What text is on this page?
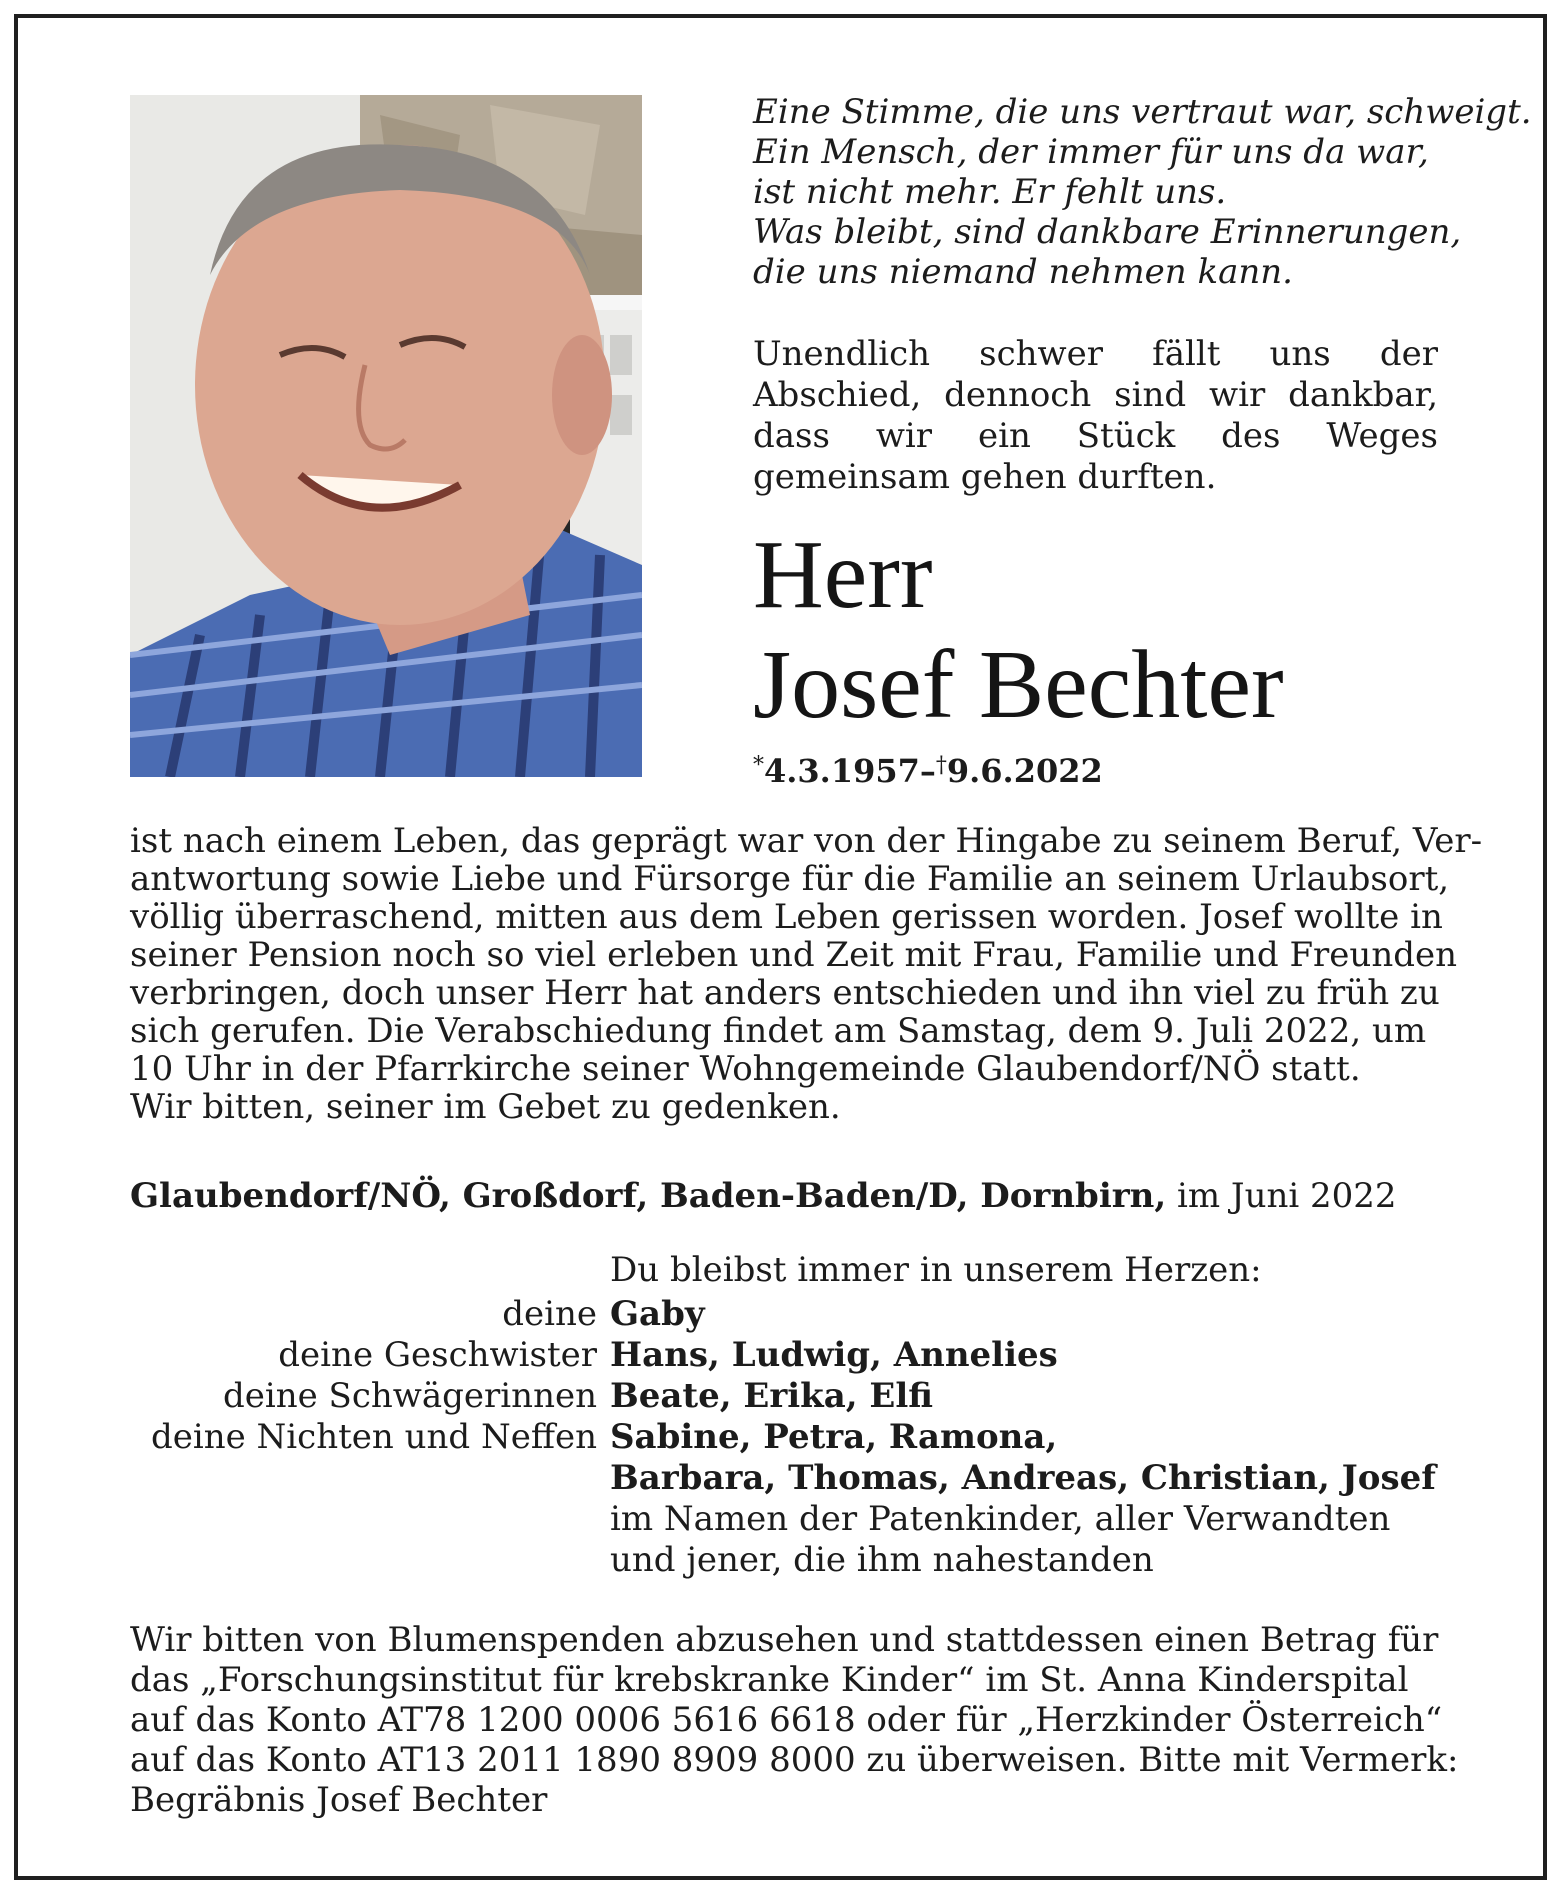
Eine Stimme, die uns vertraut war, schweigt.
Ein Mensch, der immer für uns da war,
ist nicht mehr. Er fehlt uns.
Was bleibt, sind dankbare Erinnerungen,
die uns niemand nehmen kann.
Unendlich schwer fällt uns der Abschied, dennoch sind wir dankbar, dass wir ein Stück des Weges gemeinsam gehen durften.
Herr
Josef Bechter
*4.3.1957–†9.6.2022
ist nach einem Leben, das geprägt war von der Hingabe zu seinem Beruf, Ver-
antwortung sowie Liebe und Fürsorge für die Familie an seinem Urlaubsort,
völlig überraschend, mitten aus dem Leben gerissen worden. Josef wollte in
seiner Pension noch so viel erleben und Zeit mit Frau, Familie und Freunden
verbringen, doch unser Herr hat anders entschieden und ihn viel zu früh zu
sich gerufen. Die Verabschiedung findet am Samstag, dem 9. Juli 2022, um
10 Uhr in der Pfarrkirche seiner Wohngemeinde Glaubendorf/NÖ statt.
Wir bitten, seiner im Gebet zu gedenken.
Glaubendorf/NÖ, Großdorf, Baden-Baden/D, Dornbirn, im Juni 2022
Du bleibst immer in unserem Herzen:
deine Gaby
deine Geschwister Hans, Ludwig, Annelies
deine Schwägerinnen Beate, Erika, Elfi
deine Nichten und Neffen Sabine, Petra, Ramona,
Barbara, Thomas, Andreas, Christian, Josef
im Namen der Patenkinder, aller Verwandten
und jener, die ihm nahestanden
Wir bitten von Blumenspenden abzusehen und stattdessen einen Betrag für
das „Forschungsinstitut für krebskranke Kinder“ im St. Anna Kinderspital
auf das Konto AT78 1200 0006 5616 6618 oder für „Herzkinder Österreich“
auf das Konto AT13 2011 1890 8909 8000 zu überweisen. Bitte mit Vermerk:
Begräbnis Josef Bechter
